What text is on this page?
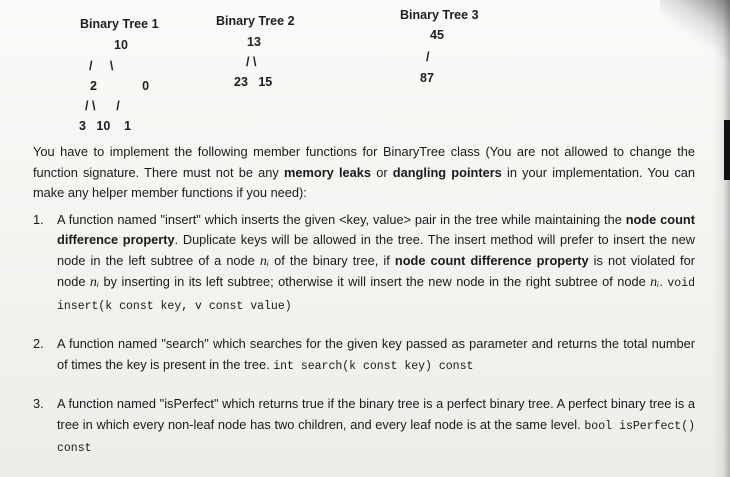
Binary Tree 1
10
/     \
2             0
/ \      /
3   10    1
Binary Tree 2
13
/ \
23   15
Binary Tree 3
45
/
87

You have to implement the following member functions for BinaryTree class (You are not allowed to change the function signature. There must not be any memory leaks or dangling pointers in your implementation. You can make any helper member functions if you need):

1. A function named "insert" which inserts the given <key, value> pair in the tree while maintaining the node count difference property. Duplicate keys will be allowed in the tree. The insert method will prefer to insert the new node in the left subtree of a node nᵢ of the binary tree, if node count difference property is not violated for node nᵢ by inserting in its left subtree; otherwise it will insert the new node in the right subtree of node nᵢ. void insert(k const key, v const value)
2. A function named "search" which searches for the given key passed as parameter and returns the total number of times the key is present in the tree. int search(k const key) const
3. A function named "isPerfect" which returns true if the binary tree is a perfect binary tree. A perfect binary tree is a tree in which every non-leaf node has two children, and every leaf node is at the same level. bool isPerfect() const
